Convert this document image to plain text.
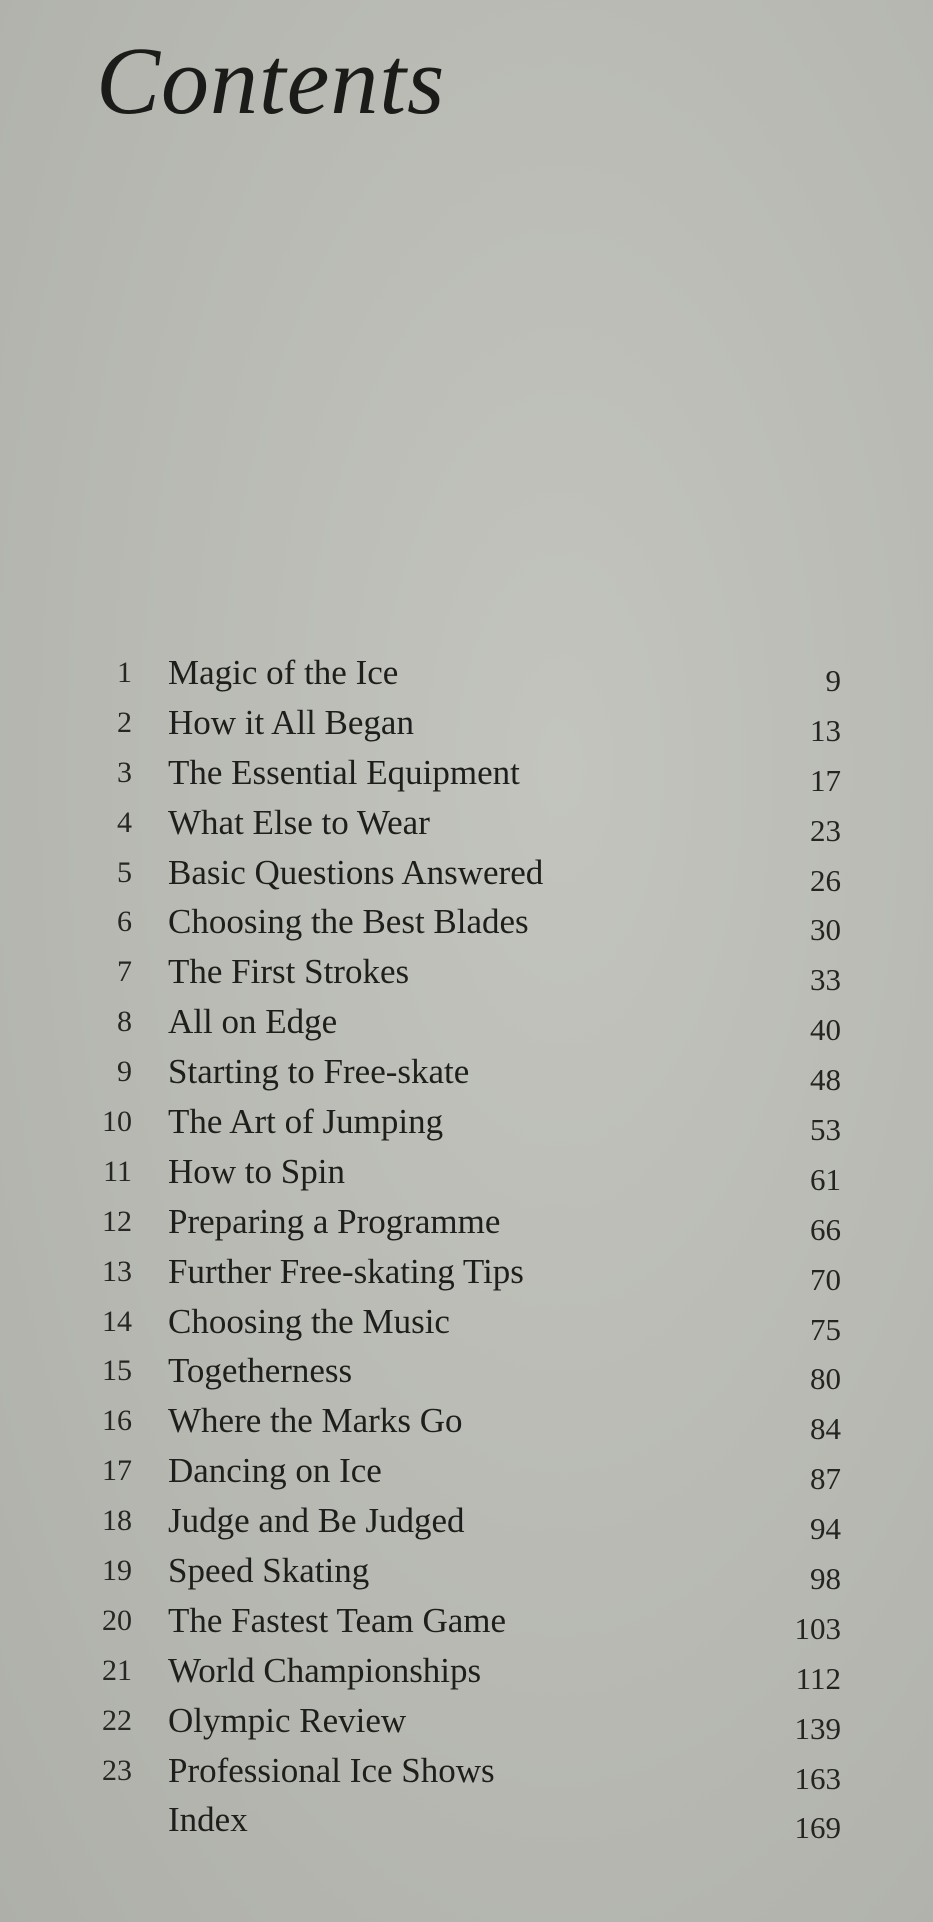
Contents
1 Magic of the Ice	9
2 How it All Began	13
3 The Essential Equipment	17
4 What Else to Wear	23
5 Basic Questions Answered	26
6 Choosing the Best Blades	30
7 The First Strokes	33
8 All on Edge	40
9 Starting to Free-skate	48
10 The Art of Jumping	53
11 How to Spin	61
12 Preparing a Programme	66
13 Further Free-skating Tips	70
14 Choosing the Music	75
15 Togetherness	80
16 Where the Marks Go	84
17 Dancing on Ice	87
18 Judge and Be Judged	94
19 Speed Skating	98
20 The Fastest Team Game	103
21 World Championships	112
22 Olympic Review	139
23 Professional Ice Shows	163
Index	169
